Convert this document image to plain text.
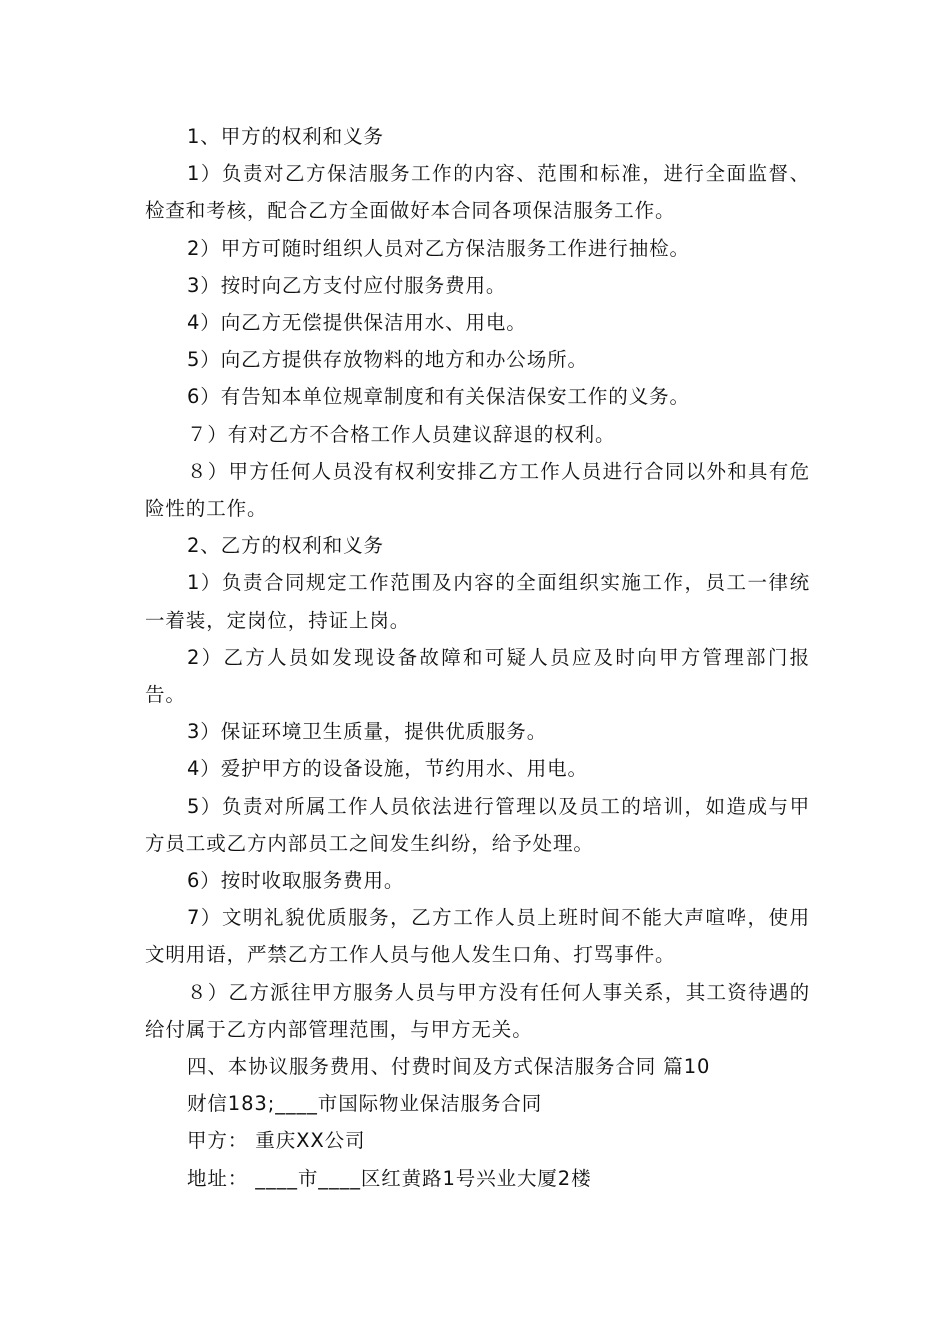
1、甲方的权利和义务

1）负责对乙方保洁服务工作的内容、范围和标准，进行全面监督、检查和考核，配合乙方全面做好本合同各项保洁服务工作。

2）甲方可随时组织人员对乙方保洁服务工作进行抽检。

3）按时向乙方支付应付服务费用。

4）向乙方无偿提供保洁用水、用电。

5）向乙方提供存放物料的地方和办公场所。

6）有告知本单位规章制度和有关保洁保安工作的义务。

７）有对乙方不合格工作人员建议辞退的权利。

８）甲方任何人员没有权利安排乙方工作人员进行合同以外和具有危险性的工作。

2、乙方的权利和义务

1）负责合同规定工作范围及内容的全面组织实施工作，员工一律统一着装，定岗位，持证上岗。

2）乙方人员如发现设备故障和可疑人员应及时向甲方管理部门报告。

3）保证环境卫生质量，提供优质服务。

4）爱护甲方的设备设施，节约用水、用电。

5）负责对所属工作人员依法进行管理以及员工的培训，如造成与甲方员工或乙方内部员工之间发生纠纷，给予处理。

6）按时收取服务费用。

7）文明礼貌优质服务，乙方工作人员上班时间不能大声喧哗，使用文明用语，严禁乙方工作人员与他人发生口角、打骂事件。

８）乙方派往甲方服务人员与甲方没有任何人事关系，其工资待遇的给付属于乙方内部管理范围，与甲方无关。

四、本协议服务费用、付费时间及方式保洁服务合同 篇10

财信183;____市国际物业保洁服务合同

甲方： 重庆XX公司

地址： ____市____区红黄路1号兴业大厦2楼
